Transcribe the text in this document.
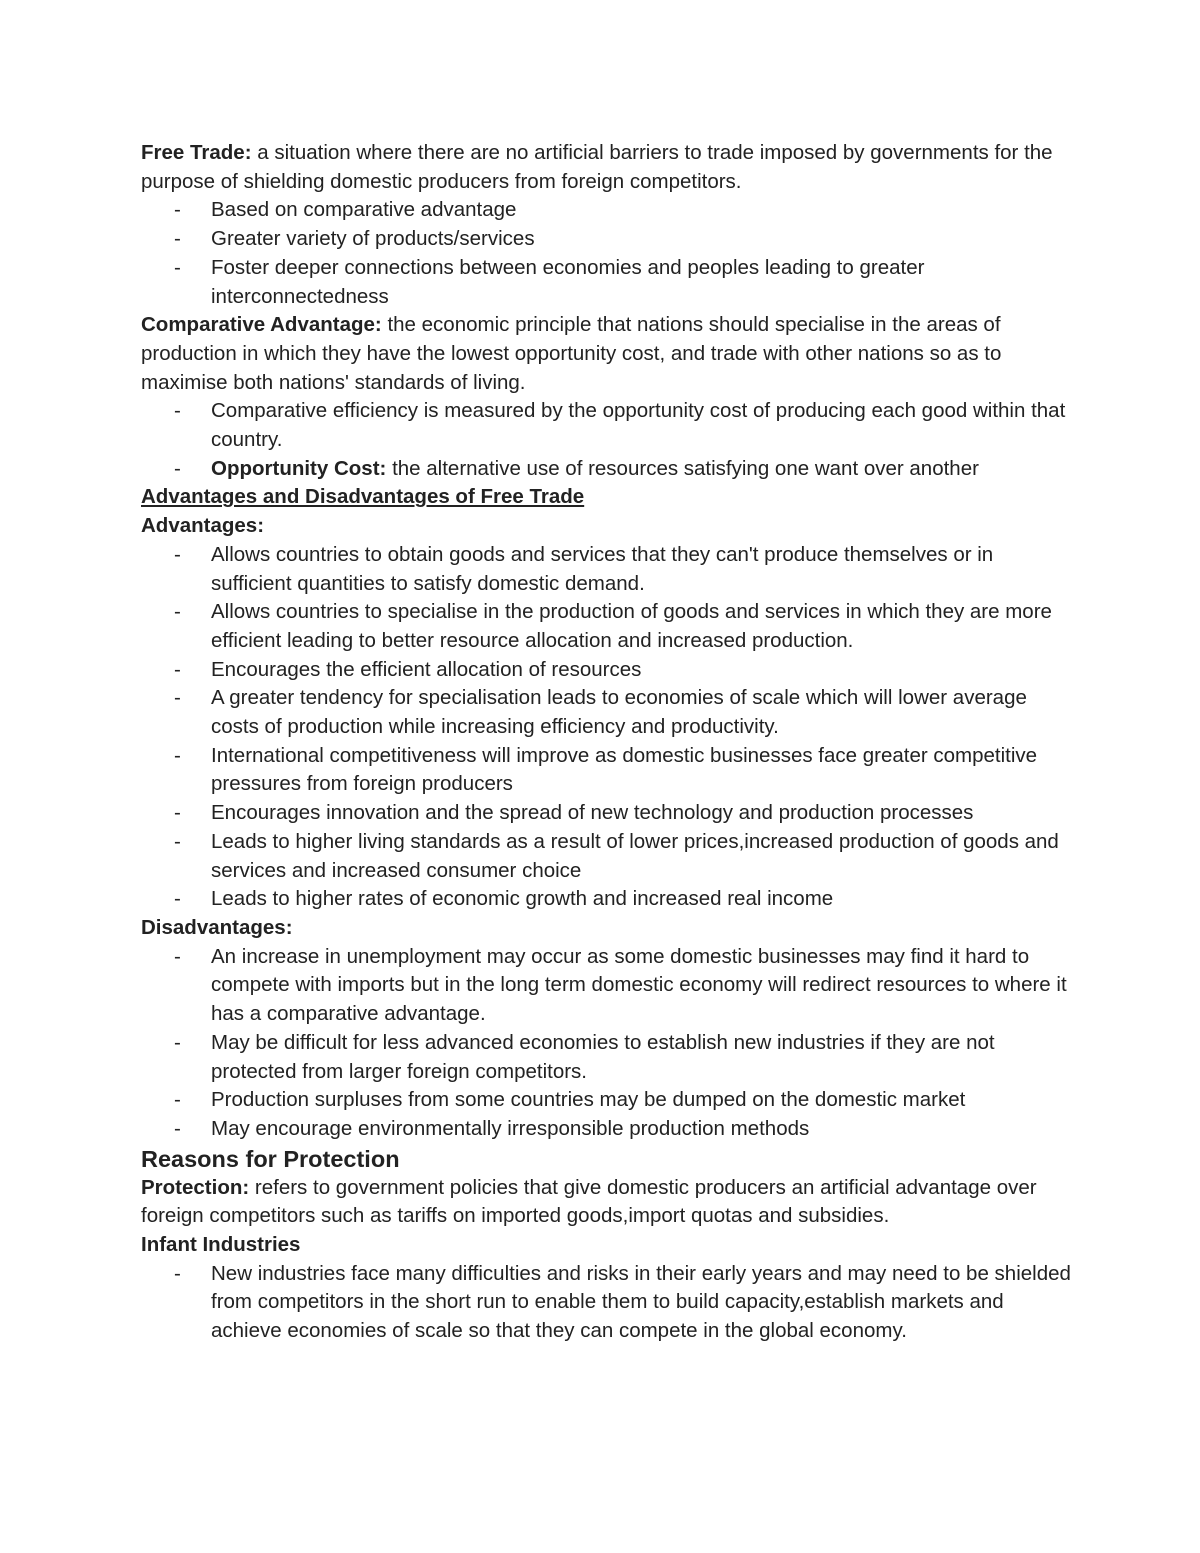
Free Trade: a situation where there are no artificial barriers to trade imposed by governments for the purpose of shielding domestic producers from foreign competitors.

- Based on comparative advantage
- Greater variety of products/services
- Foster deeper connections between economies and peoples leading to greater interconnectedness

Comparative Advantage: the economic principle that nations should specialise in the areas of production in which they have the lowest opportunity cost, and trade with other nations so as to maximise both nations' standards of living.

- Comparative efficiency is measured by the opportunity cost of producing each good within that country.
- Opportunity Cost: the alternative use of resources satisfying one want over another

Advantages and Disadvantages of Free Trade

Advantages:

- Allows countries to obtain goods and services that they can't produce themselves or in sufficient quantities to satisfy domestic demand.
- Allows countries to specialise in the production of goods and services in which they are more efficient leading to better resource allocation and increased production.
- Encourages the efficient allocation of resources
- A greater tendency for specialisation leads to economies of scale which will lower average costs of production while increasing efficiency and productivity.
- International competitiveness will improve as domestic businesses face greater competitive pressures from foreign producers
- Encourages innovation and the spread of new technology and production processes
- Leads to higher living standards as a result of lower prices,increased production of goods and services and increased consumer choice
- Leads to higher rates of economic growth and increased real income

Disadvantages:

- An increase in unemployment may occur as some domestic businesses may find it hard to compete with imports but in the long term domestic economy will redirect resources to where it has a comparative advantage.
- May be difficult for less advanced economies to establish new industries if they are not protected from larger foreign competitors.
- Production surpluses from some countries may be dumped on the domestic market
- May encourage environmentally irresponsible production methods

Reasons for Protection

Protection: refers to government policies that give domestic producers an artificial advantage over foreign competitors such as tariffs on imported goods,import quotas and subsidies.

Infant Industries

- New industries face many difficulties and risks in their early years and may need to be shielded from competitors in the short run to enable them to build capacity,establish markets and achieve economies of scale so that they can compete in the global economy.
